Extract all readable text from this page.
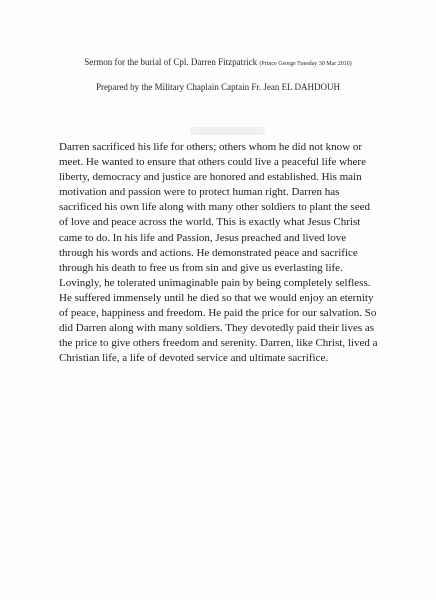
Sermon for the burial of Cpl. Darren Fitzpatrick (Prince George Tuesday 30 Mar 2010)
Prepared by the Military Chaplain Captain Fr. Jean EL DAHDOUH
Darren sacrificed his life for others; others whom he did not know or
meet. He wanted to ensure that others could live a peaceful life where
liberty, democracy and justice are honored and established. His main
motivation and passion were to protect human right. Darren has
sacrificed his own life along with many other soldiers to plant the seed
of love and peace across the world. This is exactly what Jesus Christ
came to do. In his life and Passion, Jesus preached and lived love
through his words and actions. He demonstrated peace and sacrifice
through his death to free us from sin and give us everlasting life.
Lovingly, he tolerated unimaginable pain by being completely selfless.
He suffered immensely until he died so that we would enjoy an eternity
of peace, happiness and freedom. He paid the price for our salvation. So
did Darren along with many soldiers. They devotedly paid their lives as
the price to give others freedom and serenity. Darren, like Christ, lived a
Christian life, a life of devoted service and ultimate sacrifice.
